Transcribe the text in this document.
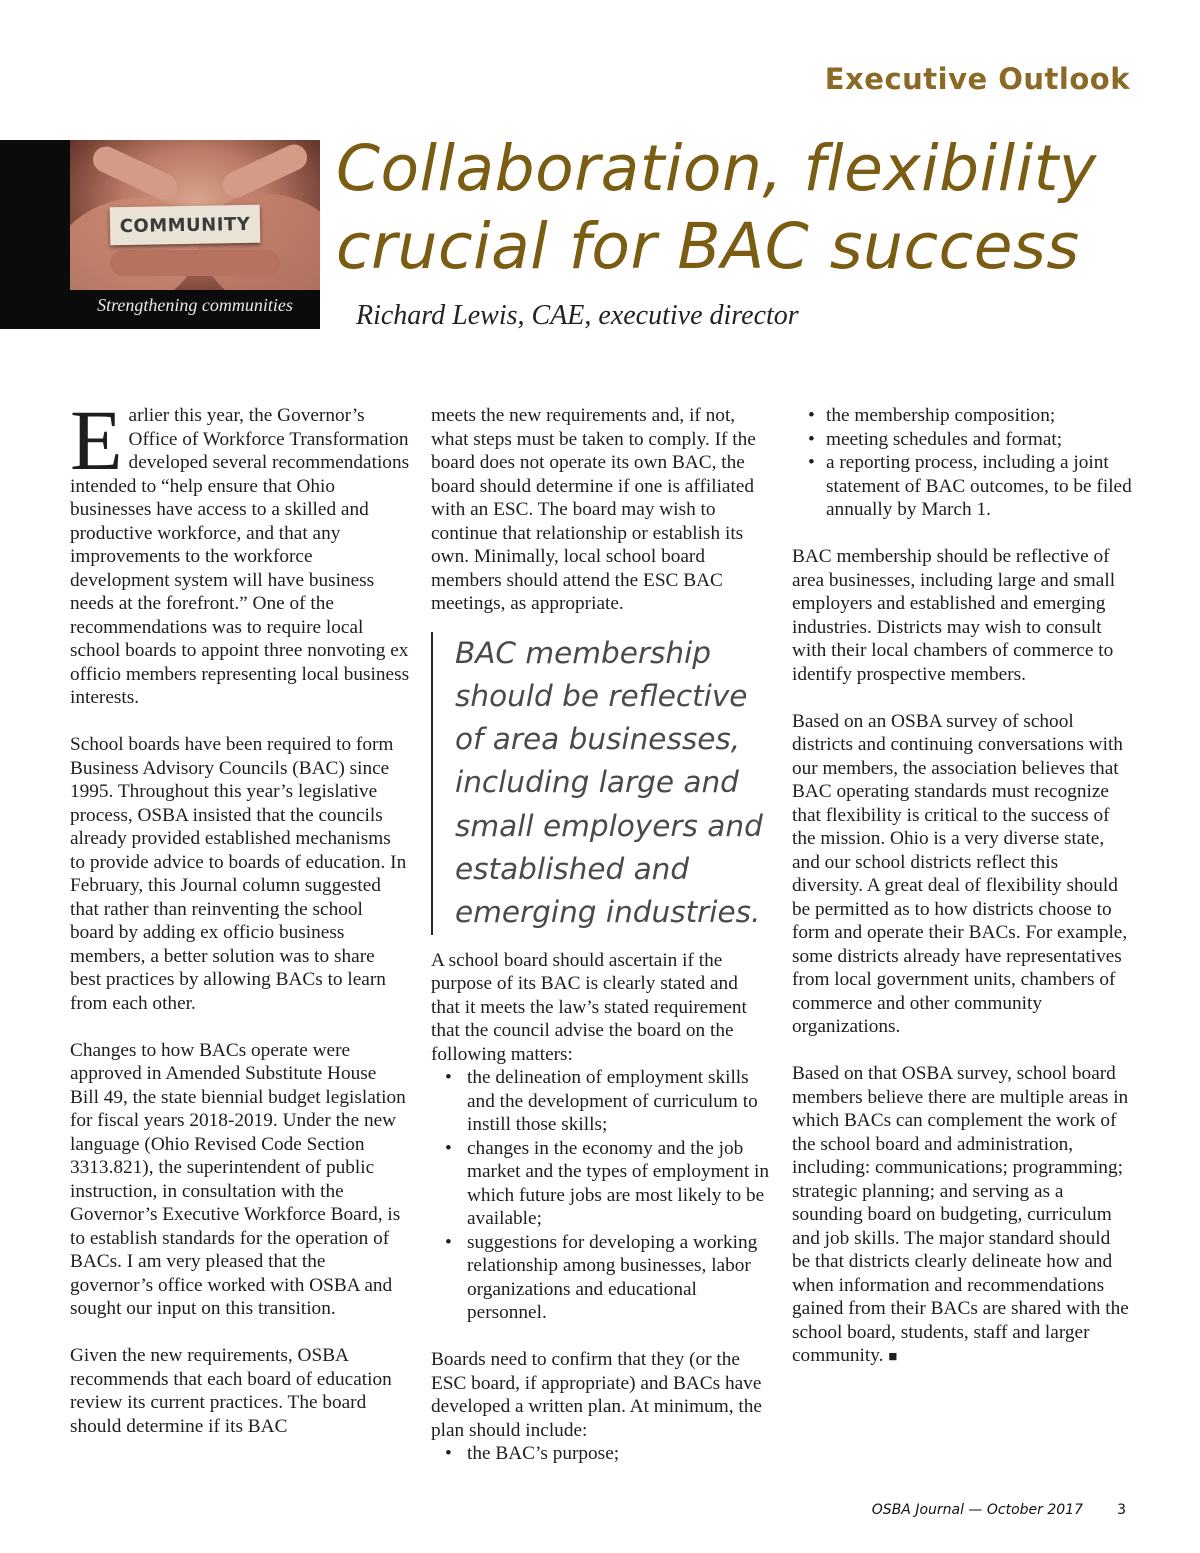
Executive Outlook
COMMUNITY
Strengthening communities
Collaboration, flexibility crucial for BAC success
Richard Lewis, CAE, executive director

Earlier this year, the Governor’s Office of Workforce Transformation developed several recommendations intended to “help ensure that Ohio businesses have access to a skilled and productive workforce, and that any improvements to the workforce development system will have business needs at the forefront.” One of the recommendations was to require local school boards to appoint three nonvoting ex officio members representing local business interests.

School boards have been required to form Business Advisory Councils (BAC) since 1995. Throughout this year’s legislative process, OSBA insisted that the councils already provided established mechanisms to provide advice to boards of education. In February, this Journal column suggested that rather than reinventing the school board by adding ex officio business members, a better solution was to share best practices by allowing BACs to learn from each other.

Changes to how BACs operate were approved in Amended Substitute House Bill 49, the state biennial budget legislation for fiscal years 2018-2019. Under the new language (Ohio Revised Code Section 3313.821), the superintendent of public instruction, in consultation with the Governor’s Executive Workforce Board, is to establish standards for the operation of BACs. I am very pleased that the governor’s office worked with OSBA and sought our input on this transition.

Given the new requirements, OSBA recommends that each board of education review its current practices. The board should determine if its BAC

meets the new requirements and, if not, what steps must be taken to comply. If the board does not operate its own BAC, the board should determine if one is affiliated with an ESC. The board may wish to continue that relationship or establish its own. Minimally, local school board members should attend the ESC BAC meetings, as appropriate.

BAC membership should be reflective of area businesses, including large and small employers and established and emerging industries.

A school board should ascertain if the purpose of its BAC is clearly stated and that it meets the law’s stated requirement that the council advise the board on the following matters:

• the delineation of employment skills and the development of curriculum to instill those skills;
• changes in the economy and the job market and the types of employment in which future jobs are most likely to be available;
• suggestions for developing a working relationship among businesses, labor organizations and educational personnel.

Boards need to confirm that they (or the ESC board, if appropriate) and BACs have developed a written plan. At minimum, the plan should include:

• the BAC’s purpose;
• the membership composition;
• meeting schedules and format;
• a reporting process, including a joint statement of BAC outcomes, to be filed annually by March 1.

BAC membership should be reflective of area businesses, including large and small employers and established and emerging industries. Districts may wish to consult with their local chambers of commerce to identify prospective members.

Based on an OSBA survey of school districts and continuing conversations with our members, the association believes that BAC operating standards must recognize that flexibility is critical to the success of the mission. Ohio is a very diverse state, and our school districts reflect this diversity. A great deal of flexibility should be permitted as to how districts choose to form and operate their BACs. For example, some districts already have representatives from local government units, chambers of commerce and other community organizations.

Based on that OSBA survey, school board members believe there are multiple areas in which BACs can complement the work of the school board and administration, including: communications; programming; strategic planning; and serving as a sounding board on budgeting, curriculum and job skills. The major standard should be that districts clearly delineate how and when information and recommendations gained from their BACs are shared with the school board, students, staff and larger community. ■

OSBA Journal — October 2017 3
